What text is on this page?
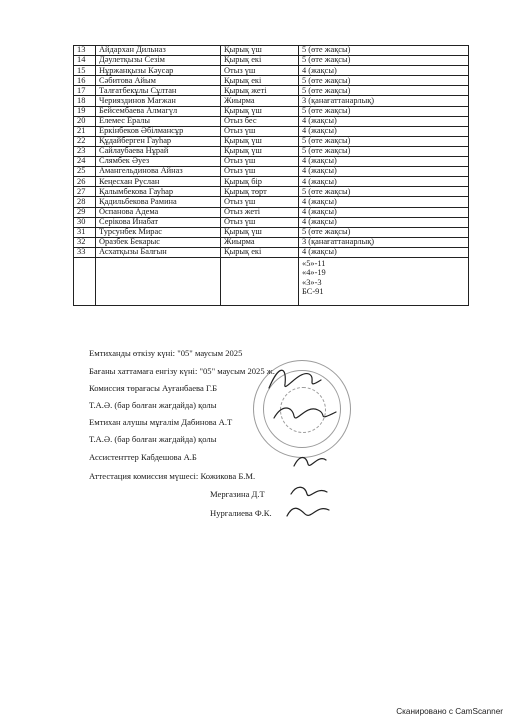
13	Айдархан Дильназ	Қырық үш	5 (өте жақсы)
14	Дәулетқызы Сезім	Қырық екі	5 (өте жақсы)
15	Нұржанқызы Кәусар	Отыз үш	4 (жақсы)
16	Сәбитова Айым	Қырық екі	5 (өте жақсы)
17	Талғатбекұлы Сұлтан	Қырық жеті	5 (өте жақсы)
18	Черияздинов Мағжан	Жиырма	3 (қанағаттанарлық)
19	Бейсембаева Алмагүл	Қырық үш	5 (өте жақсы)
20	Елемес Ералы	Отыз бес	4 (жақсы)
21	Еркінбеков Әбілмансұр	Отыз үш	4 (жақсы)
22	Құдайберген Гауһар	Қырық үш	5 (өте жақсы)
23	Сайлаубаева Нұрай	Қырық үш	5 (өте жақсы)
24	Слямбек Әуез	Отыз үш	4 (жақсы)
25	Амангельдинова Айназ	Отыз үш	4 (жақсы)
26	Кеңесхан Руслан	Қырық бір	4 (жақсы)
27	Қалымбекова Гауһар	Қырық төрт	5 (өте жақсы)
28	Қадильбекова Рамина	Отыз үш	4 (жақсы)
29	Оспанова Адема	Отыз жеті	4 (жақсы)
30	Серікова Инабат	Отыз үш	4 (жақсы)
31	Турсунбек Мирас	Қырық үш	5 (өте жақсы)
32	Оразбек Бекарыс	Жиырма	3 (қанағаттанарлық)
33	Асхатқызы Балғын	Қырық екі	4 (жақсы)

			«5»-11
«4»-19
«3»-3
БС-91
Емтиханды өткізу күні: "05" маусым 2025
Бағаны хаттамаға енгізу күні: "05" маусым 2025 ж.
Комиссия төрағасы Ауғанбаева Г.Б
Т.А.Ә. (бар болған жағдайда) қолы
Емтихан алушы мұғалім Дабинова А.Т
Т.А.Ә. (бар болған жағдайда) қолы
Ассистенттер Кабдешова А.Б
Аттестация комиссия мүшесі: Кожикова Б.М.
Мергазина Д.Т
Нургалиева Ф.К.
Сканировано с CamScanner
